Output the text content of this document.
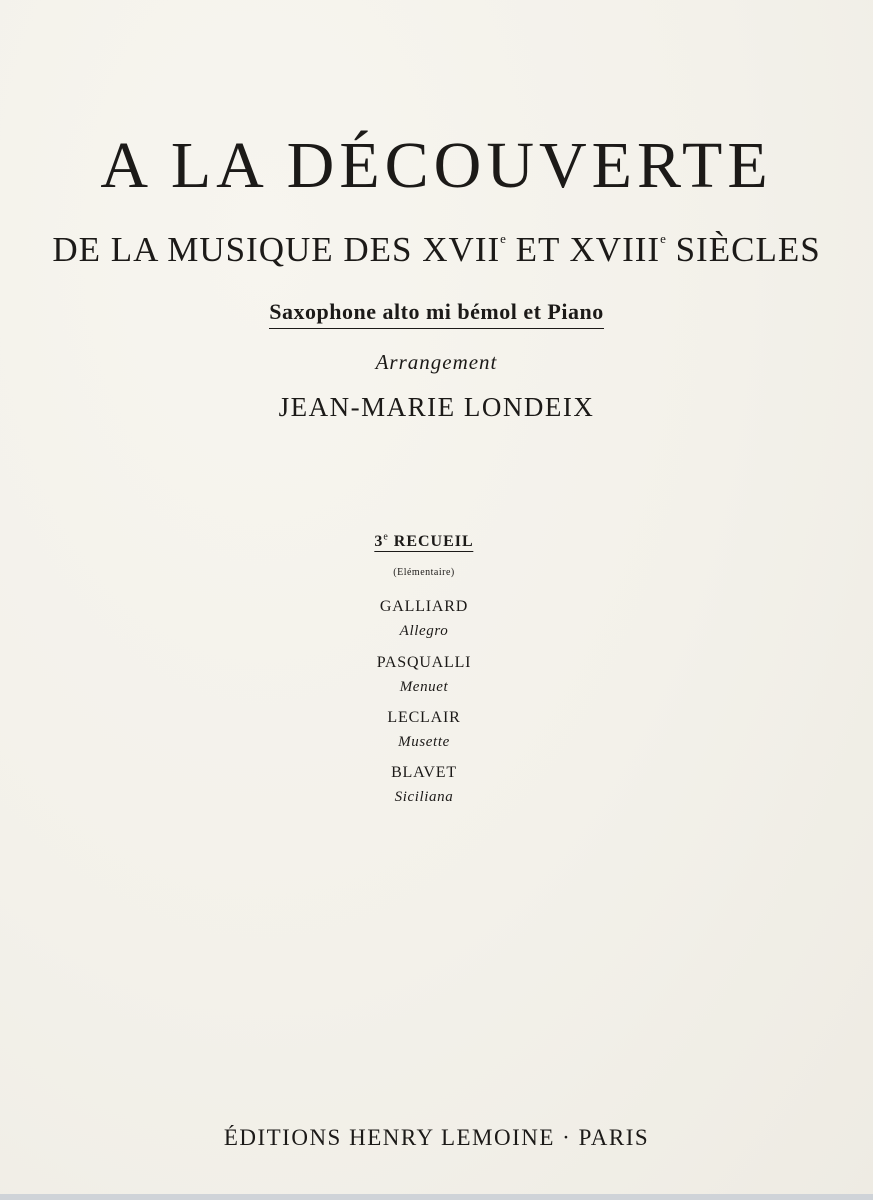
A LA DÉCOUVERTE
DE LA MUSIQUE DES XVIIe ET XVIIIe SIÈCLES
Saxophone alto mi bémol et Piano
Arrangement
JEAN-MARIE LONDEIX
3e RECUEIL
(Elémentaire)
GALLIARD
Allegro
PASQUALLI
Menuet
LECLAIR
Musette
BLAVET
Siciliana
ÉDITIONS HENRY LEMOINE · PARIS
